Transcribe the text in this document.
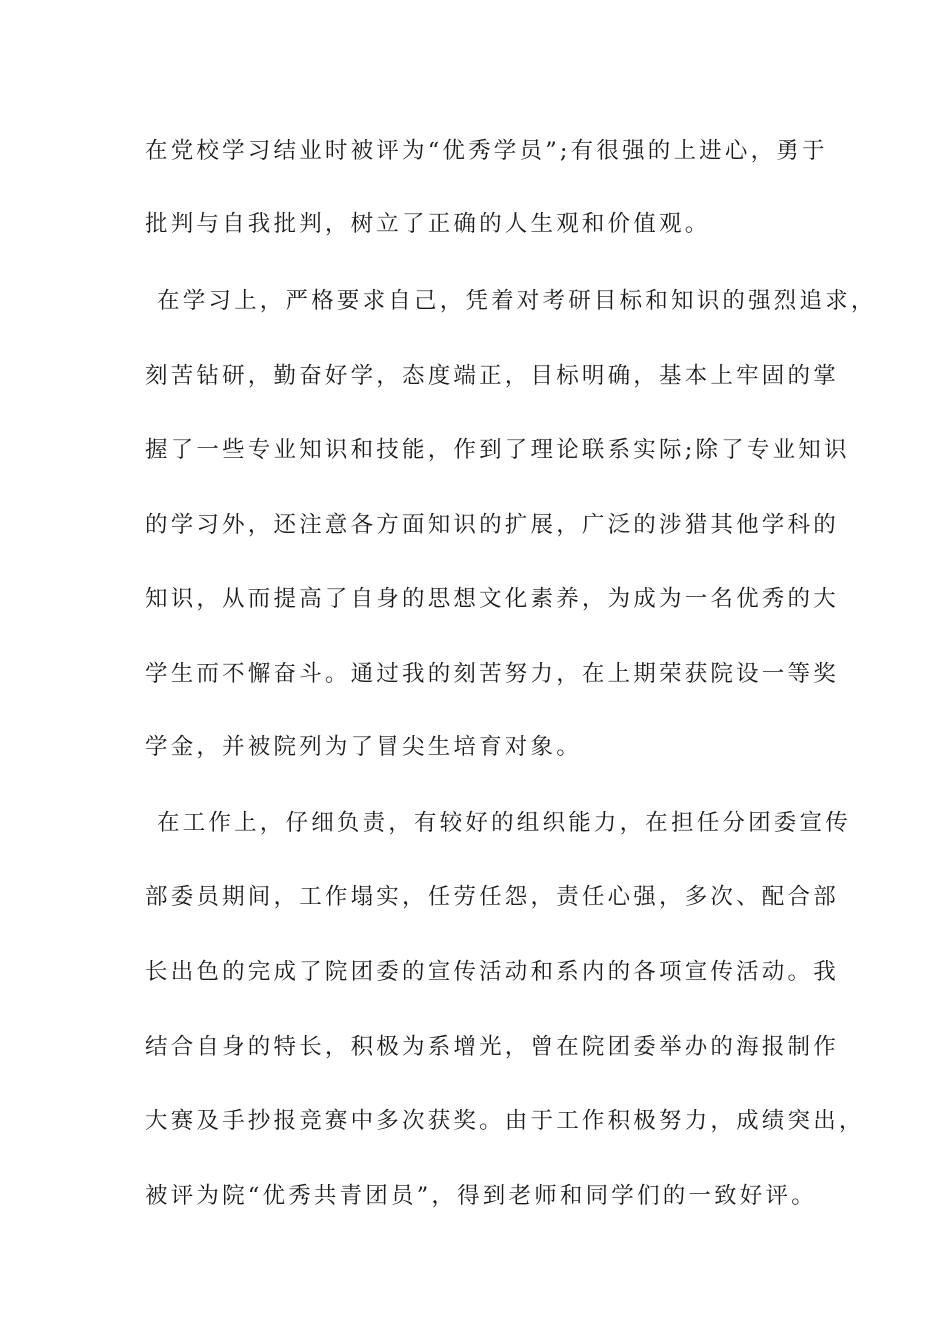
在党校学习结业时被评为“优秀学员”;有很强的上进心，勇于
批判与自我批判，树立了正确的人生观和价值观。
在学习上，严格要求自己，凭着对考研目标和知识的强烈追求，
刻苦钻研，勤奋好学，态度端正，目标明确，基本上牢固的掌
握了一些专业知识和技能，作到了理论联系实际;除了专业知识
的学习外，还注意各方面知识的扩展，广泛的涉猎其他学科的
知识，从而提高了自身的思想文化素养，为成为一名优秀的大
学生而不懈奋斗。通过我的刻苦努力，在上期荣获院设一等奖
学金，并被院列为了冒尖生培育对象。
在工作上，仔细负责，有较好的组织能力，在担任分团委宣传
部委员期间，工作塌实，任劳任怨，责任心强，多次、配合部
长出色的完成了院团委的宣传活动和系内的各项宣传活动。我
结合自身的特长，积极为系增光，曾在院团委举办的海报制作
大赛及手抄报竞赛中多次获奖。由于工作积极努力，成绩突出，
被评为院“优秀共青团员”，得到老师和同学们的一致好评。
